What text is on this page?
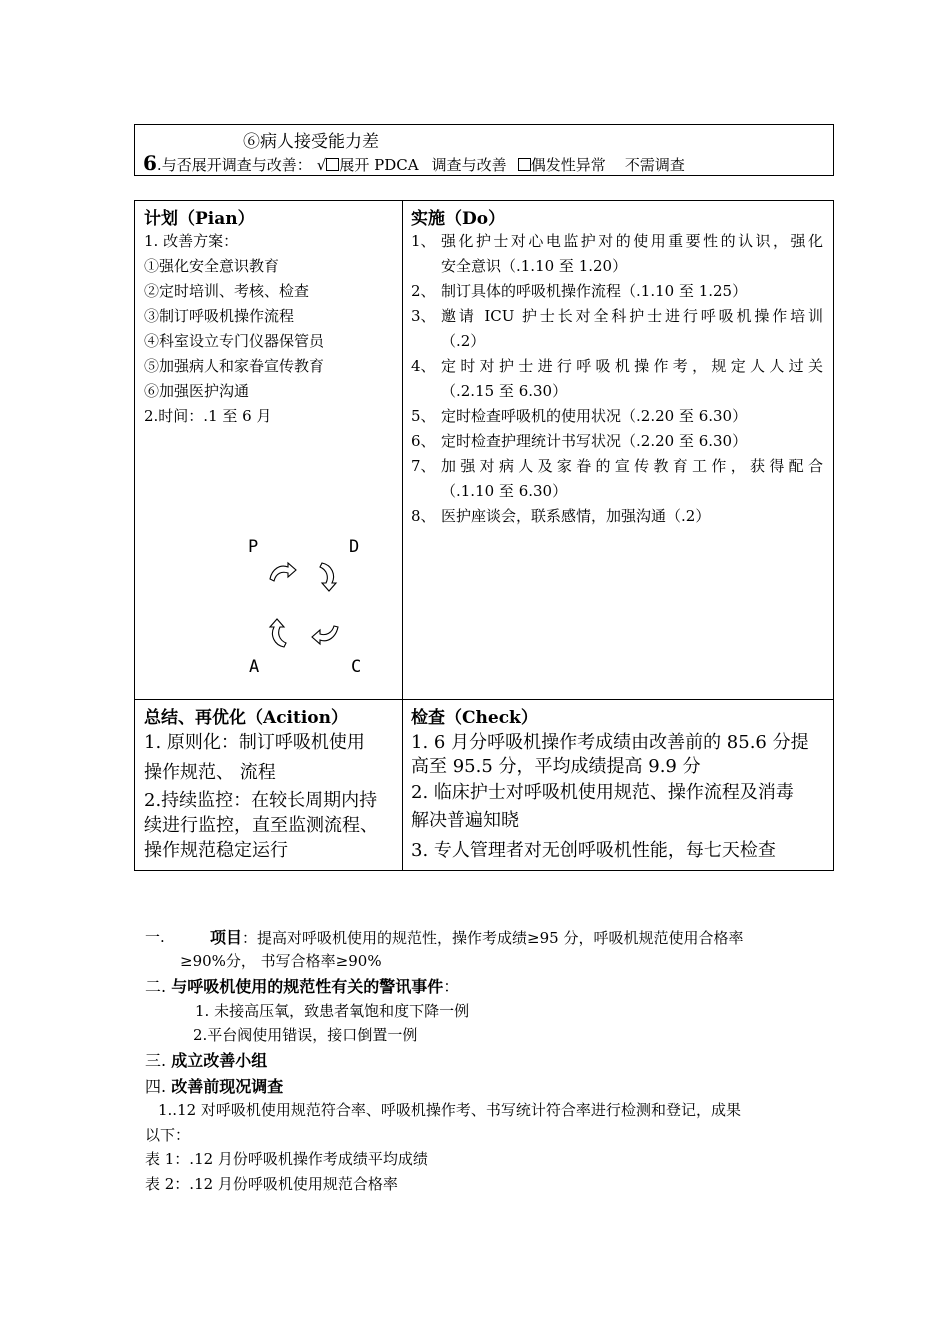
⑥病人接受能力差
6.与否展开调查与改善： √ 展开 PDCA 调查与改善 偶发性异常 不需调查
计划（Pian）
1. 改善方案：
①强化安全意识教育
②定时培训、考核、检查
③制订呼吸机操作流程
④科室设立专门仪器保管员
⑤加强病人和家眷宣传教育
⑥加强医护沟通
2.时间：.1 至 6 月
P	D
A	C
实施（Do）
1、 强化护士对心电监护对的使用重要性的认识，强化
安全意识（.1.10 至 1.20）
2、 制订具体的呼吸机操作流程（.1.10 至 1.25）
3、 邀请 ICU 护士长对全科护士进行呼吸机操作培训
（.2）
4、 定时对护士进行呼吸机操作考，规定人人过关
（.2.15 至 6.30）
5、 定时检查呼吸机的使用状况（.2.20 至 6.30）
6、 定时检查护理统计书写状况（.2.20 至 6.30）
7、 加强对病人及家眷的宣传教育工作，获得配合
（.1.10 至 6.30）
8、 医护座谈会，联系感情，加强沟通（.2）
总结、再优化（Acition）
1. 原则化：制订呼吸机使用
操作规范、 流程
2.持续监控：在较长周期内持
续进行监控，直至监测流程、
操作规范稳定运行
检查（Check）
1. 6 月分呼吸机操作考成绩由改善前的 85.6 分提
高至 95.5 分，平均成绩提高 9.9 分
2. 临床护士对呼吸机使用规范、操作流程及消毒
解决普遍知晓
3. 专人管理者对无创呼吸机性能，每七天检查
一.	项目：提高对呼吸机使用的规范性，操作考成绩≥95 分，呼吸机规范使用合格率
≥90%分， 书写合格率≥90%
二. 与呼吸机使用的规范性有关的警讯事件：
1. 未接高压氧，致患者氧饱和度下降一例
2.平台阀使用错误，接口倒置一例
三. 成立改善小组
四. 改善前现况调查
1..12 对呼吸机使用规范符合率、呼吸机操作考、书写统计符合率进行检测和登记，成果
以下：
表 1：.12 月份呼吸机操作考成绩平均成绩
表 2：.12 月份呼吸机使用规范合格率
